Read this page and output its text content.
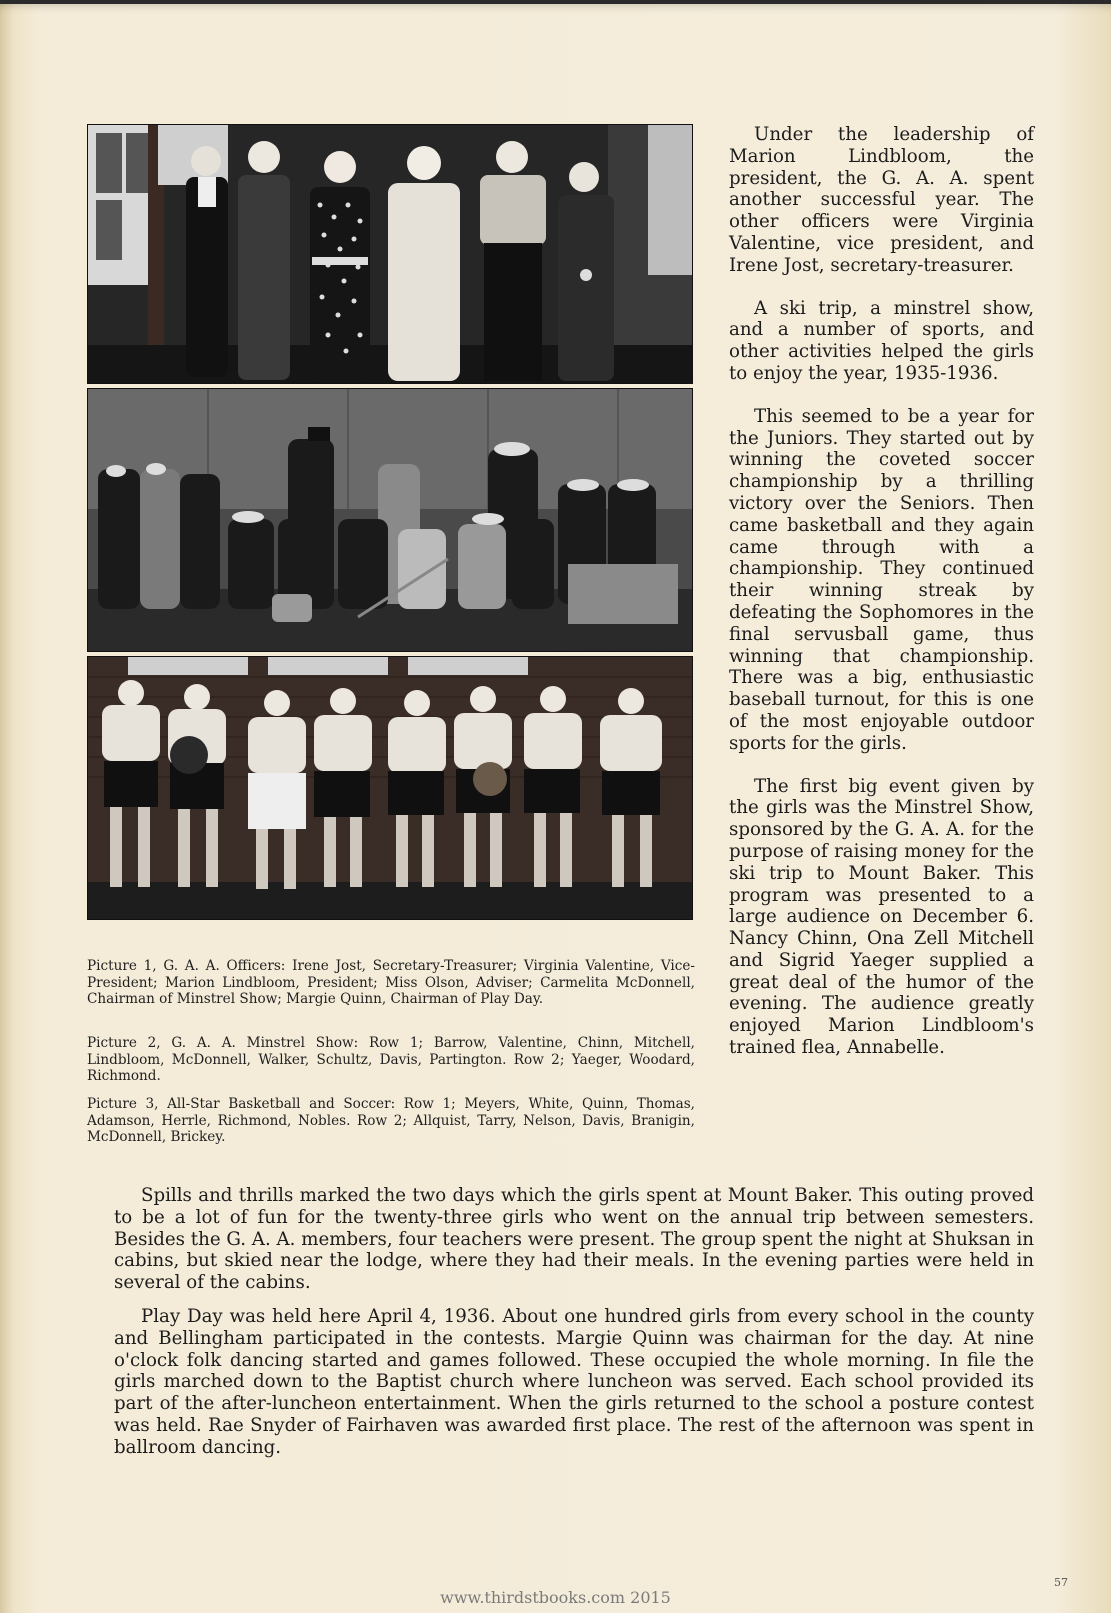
Picture 1, G. A. A. Officers: Irene Jost, Secretary-Treasurer; Virginia Valentine, Vice-President; Marion Lindbloom, President; Miss Olson, Adviser; Carmelita McDonnell, Chairman of Minstrel Show; Margie Quinn, Chairman of Play Day.

Picture 2, G. A. A. Minstrel Show: Row 1; Barrow, Valentine, Chinn, Mitchell, Lindbloom, McDonnell, Walker, Schultz, Davis, Partington. Row 2; Yaeger, Woodard, Richmond.

Picture 3, All-Star Basketball and Soccer: Row 1; Meyers, White, Quinn, Thomas, Adamson, Herrle, Richmond, Nobles. Row 2; Allquist, Tarry, Nelson, Davis, Branigin, McDonnell, Brickey.

Under the leadership of Marion Lindbloom, the president, the G. A. A. spent another successful year. The other officers were Virginia Valentine, vice president, and Irene Jost, secretary-treasurer.

A ski trip, a minstrel show, and a number of sports, and other activities helped the girls to enjoy the year, 1935-1936.

This seemed to be a year for the Juniors. They started out by winning the coveted soccer championship by a thrilling victory over the Seniors. Then came basketball and they again came through with a championship. They continued their winning streak by defeating the Sophomores in the final servusball game, thus winning that championship. There was a big, enthusiastic baseball turnout, for this is one of the most enjoyable outdoor sports for the girls.

The first big event given by the girls was the Minstrel Show, sponsored by the G. A. A. for the purpose of raising money for the ski trip to Mount Baker. This program was presented to a large audience on December 6. Nancy Chinn, Ona Zell Mitchell and Sigrid Yaeger supplied a great deal of the humor of the evening. The audience greatly enjoyed Marion Lindbloom's trained flea, Annabelle.

Spills and thrills marked the two days which the girls spent at Mount Baker. This outing proved to be a lot of fun for the twenty-three girls who went on the annual trip between semesters. Besides the G. A. A. members, four teachers were present. The group spent the night at Shuksan in cabins, but skied near the lodge, where they had their meals. In the evening parties were held in several of the cabins.

Play Day was held here April 4, 1936. About one hundred girls from every school in the county and Bellingham participated in the contests. Margie Quinn was chairman for the day. At nine o'clock folk dancing started and games followed. These occupied the whole morning. In file the girls marched down to the Baptist church where luncheon was served. Each school provided its part of the after-luncheon entertainment. When the girls returned to the school a posture contest was held. Rae Snyder of Fairhaven was awarded first place. The rest of the afternoon was spent in ballroom dancing.

57
www.thirdstbooks.com 2015
